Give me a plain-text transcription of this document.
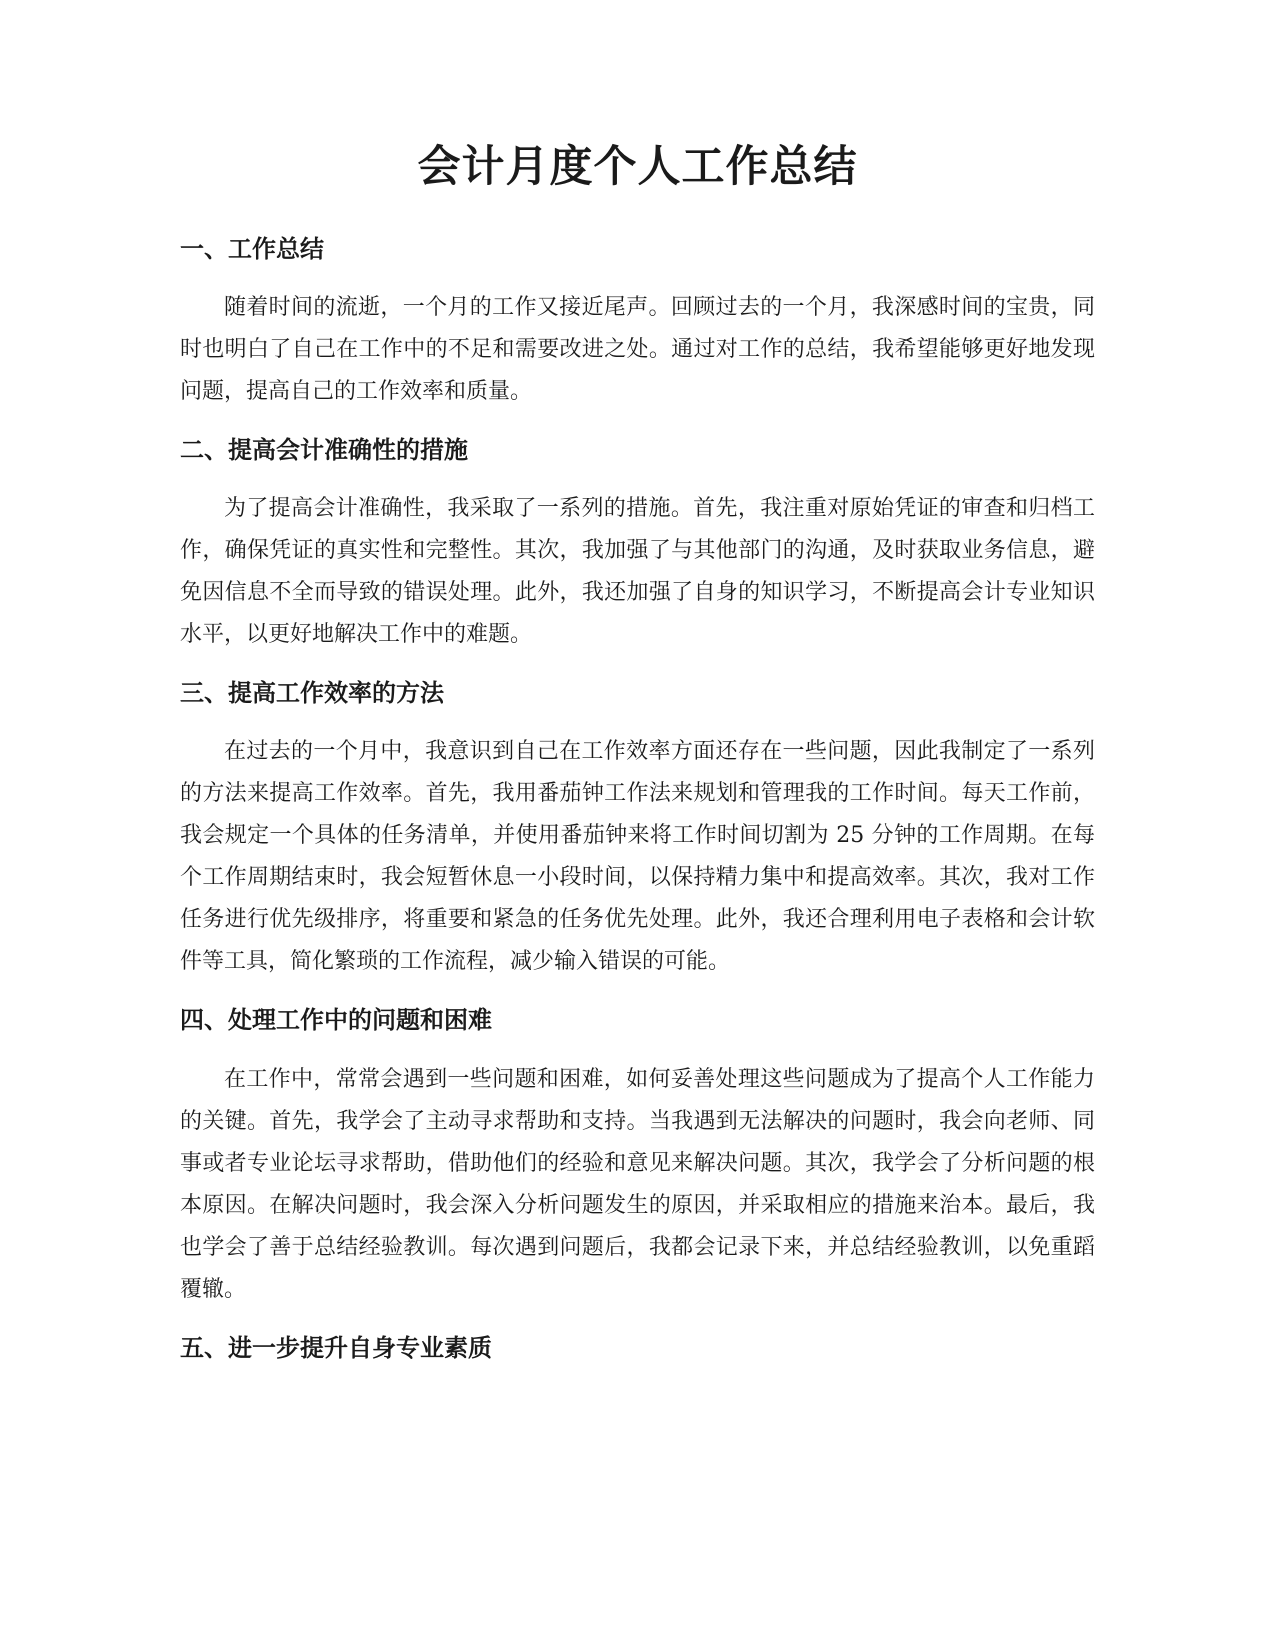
会计月度个人工作总结
一、工作总结

随着时间的流逝，一个月的工作又接近尾声。回顾过去的一个月，我深感时间的宝贵，同时也明白了自己在工作中的不足和需要改进之处。通过对工作的总结，我希望能够更好地发现问题，提高自己的工作效率和质量。

二、提高会计准确性的措施

为了提高会计准确性，我采取了一系列的措施。首先，我注重对原始凭证的审查和归档工作，确保凭证的真实性和完整性。其次，我加强了与其他部门的沟通，及时获取业务信息，避免因信息不全而导致的错误处理。此外，我还加强了自身的知识学习，不断提高会计专业知识水平，以更好地解决工作中的难题。

三、提高工作效率的方法

在过去的一个月中，我意识到自己在工作效率方面还存在一些问题，因此我制定了一系列的方法来提高工作效率。首先，我用番茄钟工作法来规划和管理我的工作时间。每天工作前，我会规定一个具体的任务清单，并使用番茄钟来将工作时间切割为 25 分钟的工作周期。在每个工作周期结束时，我会短暂休息一小段时间，以保持精力集中和提高效率。其次，我对工作任务进行优先级排序，将重要和紧急的任务优先处理。此外，我还合理利用电子表格和会计软件等工具，简化繁琐的工作流程，减少输入错误的可能。

四、处理工作中的问题和困难

在工作中，常常会遇到一些问题和困难，如何妥善处理这些问题成为了提高个人工作能力的关键。首先，我学会了主动寻求帮助和支持。当我遇到无法解决的问题时，我会向老师、同事或者专业论坛寻求帮助，借助他们的经验和意见来解决问题。其次，我学会了分析问题的根本原因。在解决问题时，我会深入分析问题发生的原因，并采取相应的措施来治本。最后，我也学会了善于总结经验教训。每次遇到问题后，我都会记录下来，并总结经验教训，以免重蹈覆辙。

五、进一步提升自身专业素质
